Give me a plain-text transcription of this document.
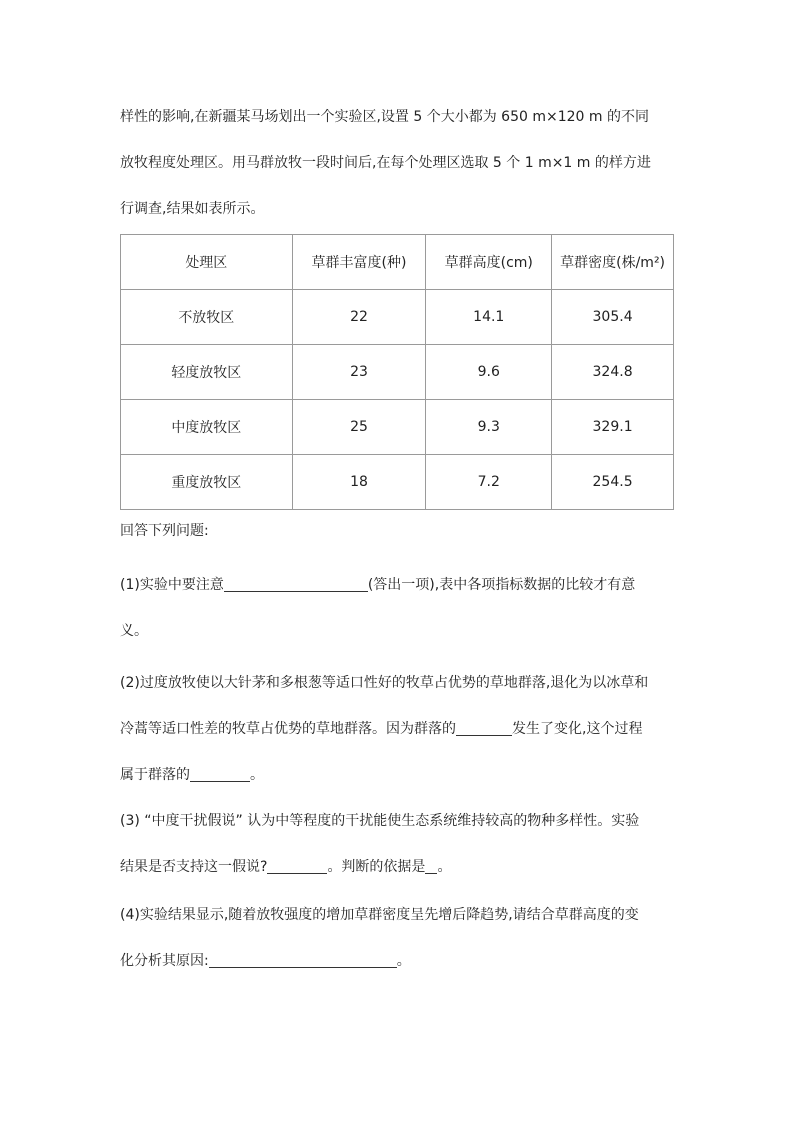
样性的影响,在新疆某马场划出一个实验区,设置 5 个大小都为 650 m×120 m 的不同
放牧程度处理区。用马群放牧一段时间后,在每个处理区选取 5 个 1 m×1 m 的样方进
行调查,结果如表所示。
处理区	草群丰富度(种)	草群高度(cm)	草群密度(株/m²)
不放牧区	22	14.1	305.4
轻度放牧区	23	9.6	324.8
中度放牧区	25	9.3	329.1
重度放牧区	18	7.2	254.5
回答下列问题:
(1)实验中要注意	(答出一项),表中各项指标数据的比较才有意
义。
(2)过度放牧使以大针茅和多根葱等适口性好的牧草占优势的草地群落,退化为以冰草和
冷蒿等适口性差的牧草占优势的草地群落。因为群落的	发生了变化,这个过程
属于群落的	。
(3) “中度干扰假说” 认为中等程度的干扰能使生态系统维持较高的物种多样性。实验
结果是否支持这一假说?	。判断的依据是 。
(4)实验结果显示,随着放牧强度的增加草群密度呈先增后降趋势,请结合草群高度的变
化分析其原因:	。
